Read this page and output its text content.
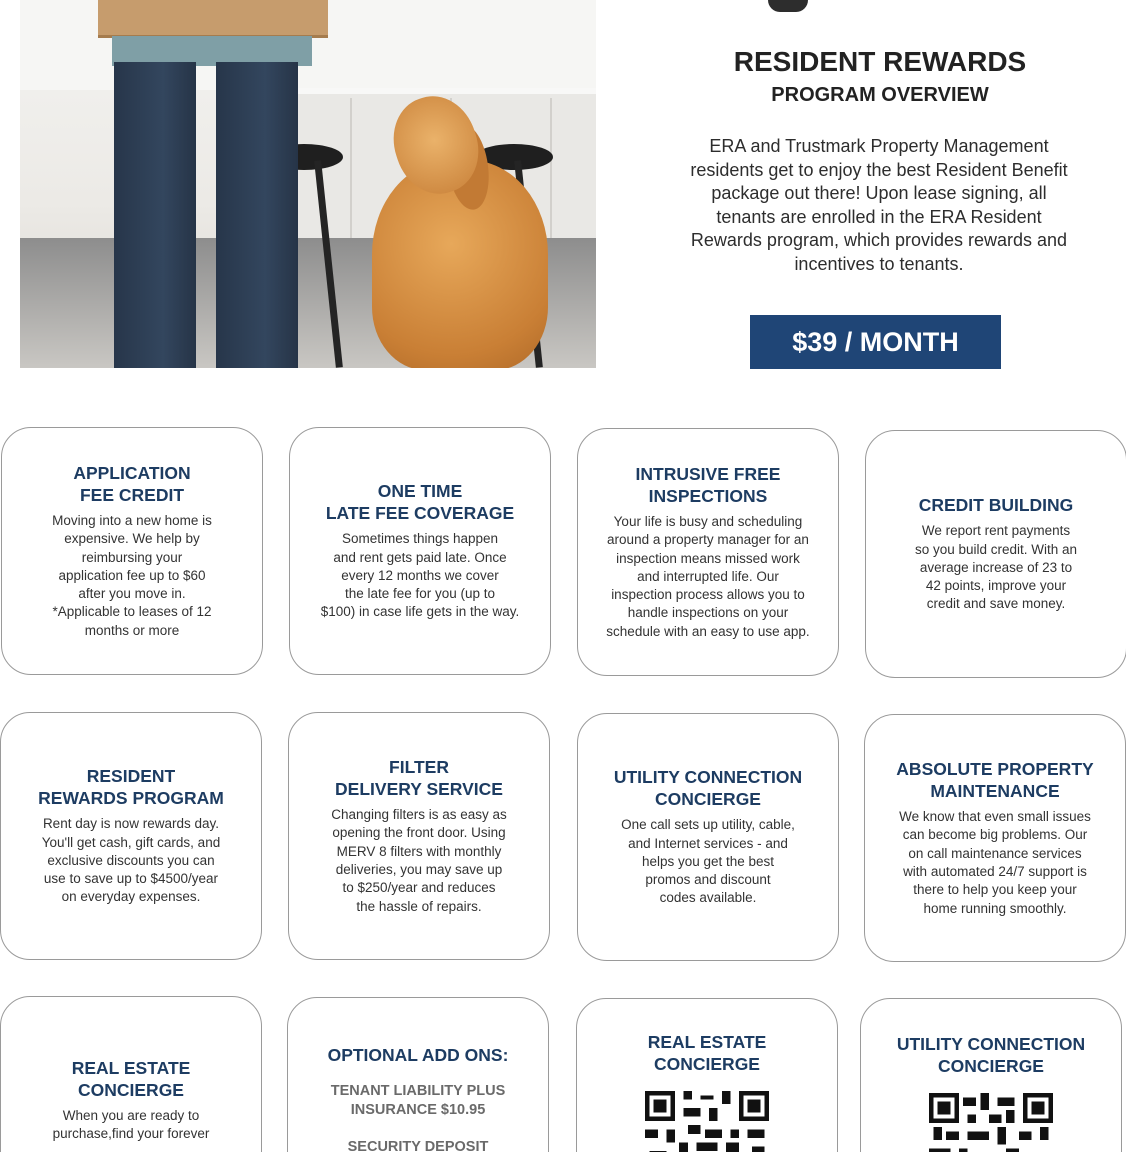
RESIDENT REWARDS
PROGRAM OVERVIEW
ERA and Trustmark Property Management residents get to enjoy the best Resident Benefit package out there! Upon lease signing, all tenants are enrolled in the ERA Resident Rewards program, which provides rewards and incentives to tenants.
$39 / MONTH
APPLICATION
FEE CREDIT
Moving into a new home is
expensive. We help by
reimbursing your
application fee up to $60
after you move in.
*Applicable to leases of 12
months or more
ONE TIME
LATE FEE COVERAGE
Sometimes things happen
and rent gets paid late. Once
every 12 months we cover
the late fee for you (up to
$100) in case life gets in the way.
INTRUSIVE FREE
INSPECTIONS
Your life is busy and scheduling
around a property manager for an
inspection means missed work
and interrupted life. Our
inspection process allows you to
handle inspections on your
schedule with an easy to use app.
CREDIT BUILDING
We report rent payments
so you build credit. With an
average increase of 23 to
42 points, improve your
credit and save money.
RESIDENT
REWARDS PROGRAM
Rent day is now rewards day.
You'll get cash, gift cards, and
exclusive discounts you can
use to save up to $4500/year
on everyday expenses.
FILTER
DELIVERY SERVICE
Changing filters is as easy as
opening the front door. Using
MERV 8 filters with monthly
deliveries, you may save up
to $250/year and reduces
the hassle of repairs.
UTILITY CONNECTION
CONCIERGE
One call sets up utility, cable,
and Internet services - and
helps you get the best
promos and discount
codes available.
ABSOLUTE PROPERTY
MAINTENANCE
We know that even small issues
can become big problems. Our
on call maintenance services
with automated 24/7 support is
there to help you keep your
home running smoothly.
REAL ESTATE
CONCIERGE
When you are ready to
purchase,find your forever
OPTIONAL ADD ONS:
TENANT LIABILITY PLUS
INSURANCE $10.95
SECURITY DEPOSIT
REAL ESTATE
CONCIERGE
UTILITY CONNECTION
CONCIERGE
